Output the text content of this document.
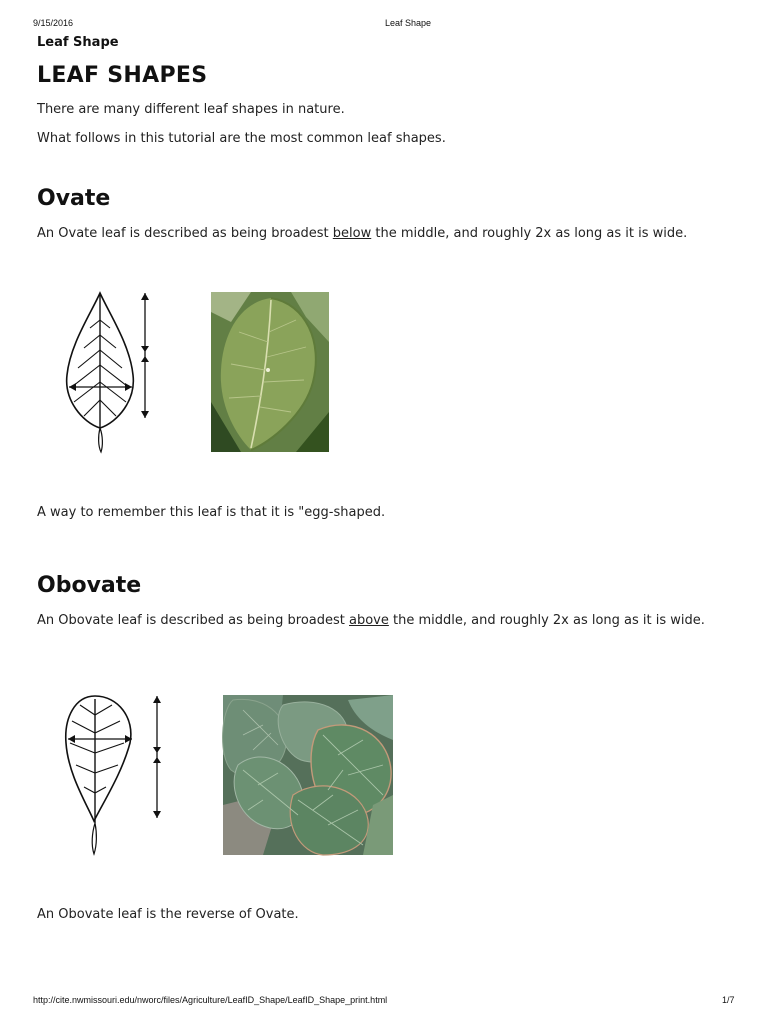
9/15/2016	Leaf Shape
Leaf Shape
LEAF SHAPES

There are many different leaf shapes in nature.

What follows in this tutorial are the most common leaf shapes.

Ovate

An Ovate leaf is described as being broadest below the middle, and roughly 2x as long as it is wide.

A way to remember this leaf is that it is "egg-shaped.

Obovate

An Obovate leaf is described as being broadest above the middle, and roughly 2x as long as it is wide.

An Obovate leaf is the reverse of Ovate.

http://cite.nwmissouri.edu/nworc/files/Agriculture/LeafID_Shape/LeafID_Shape_print.html	1/7
